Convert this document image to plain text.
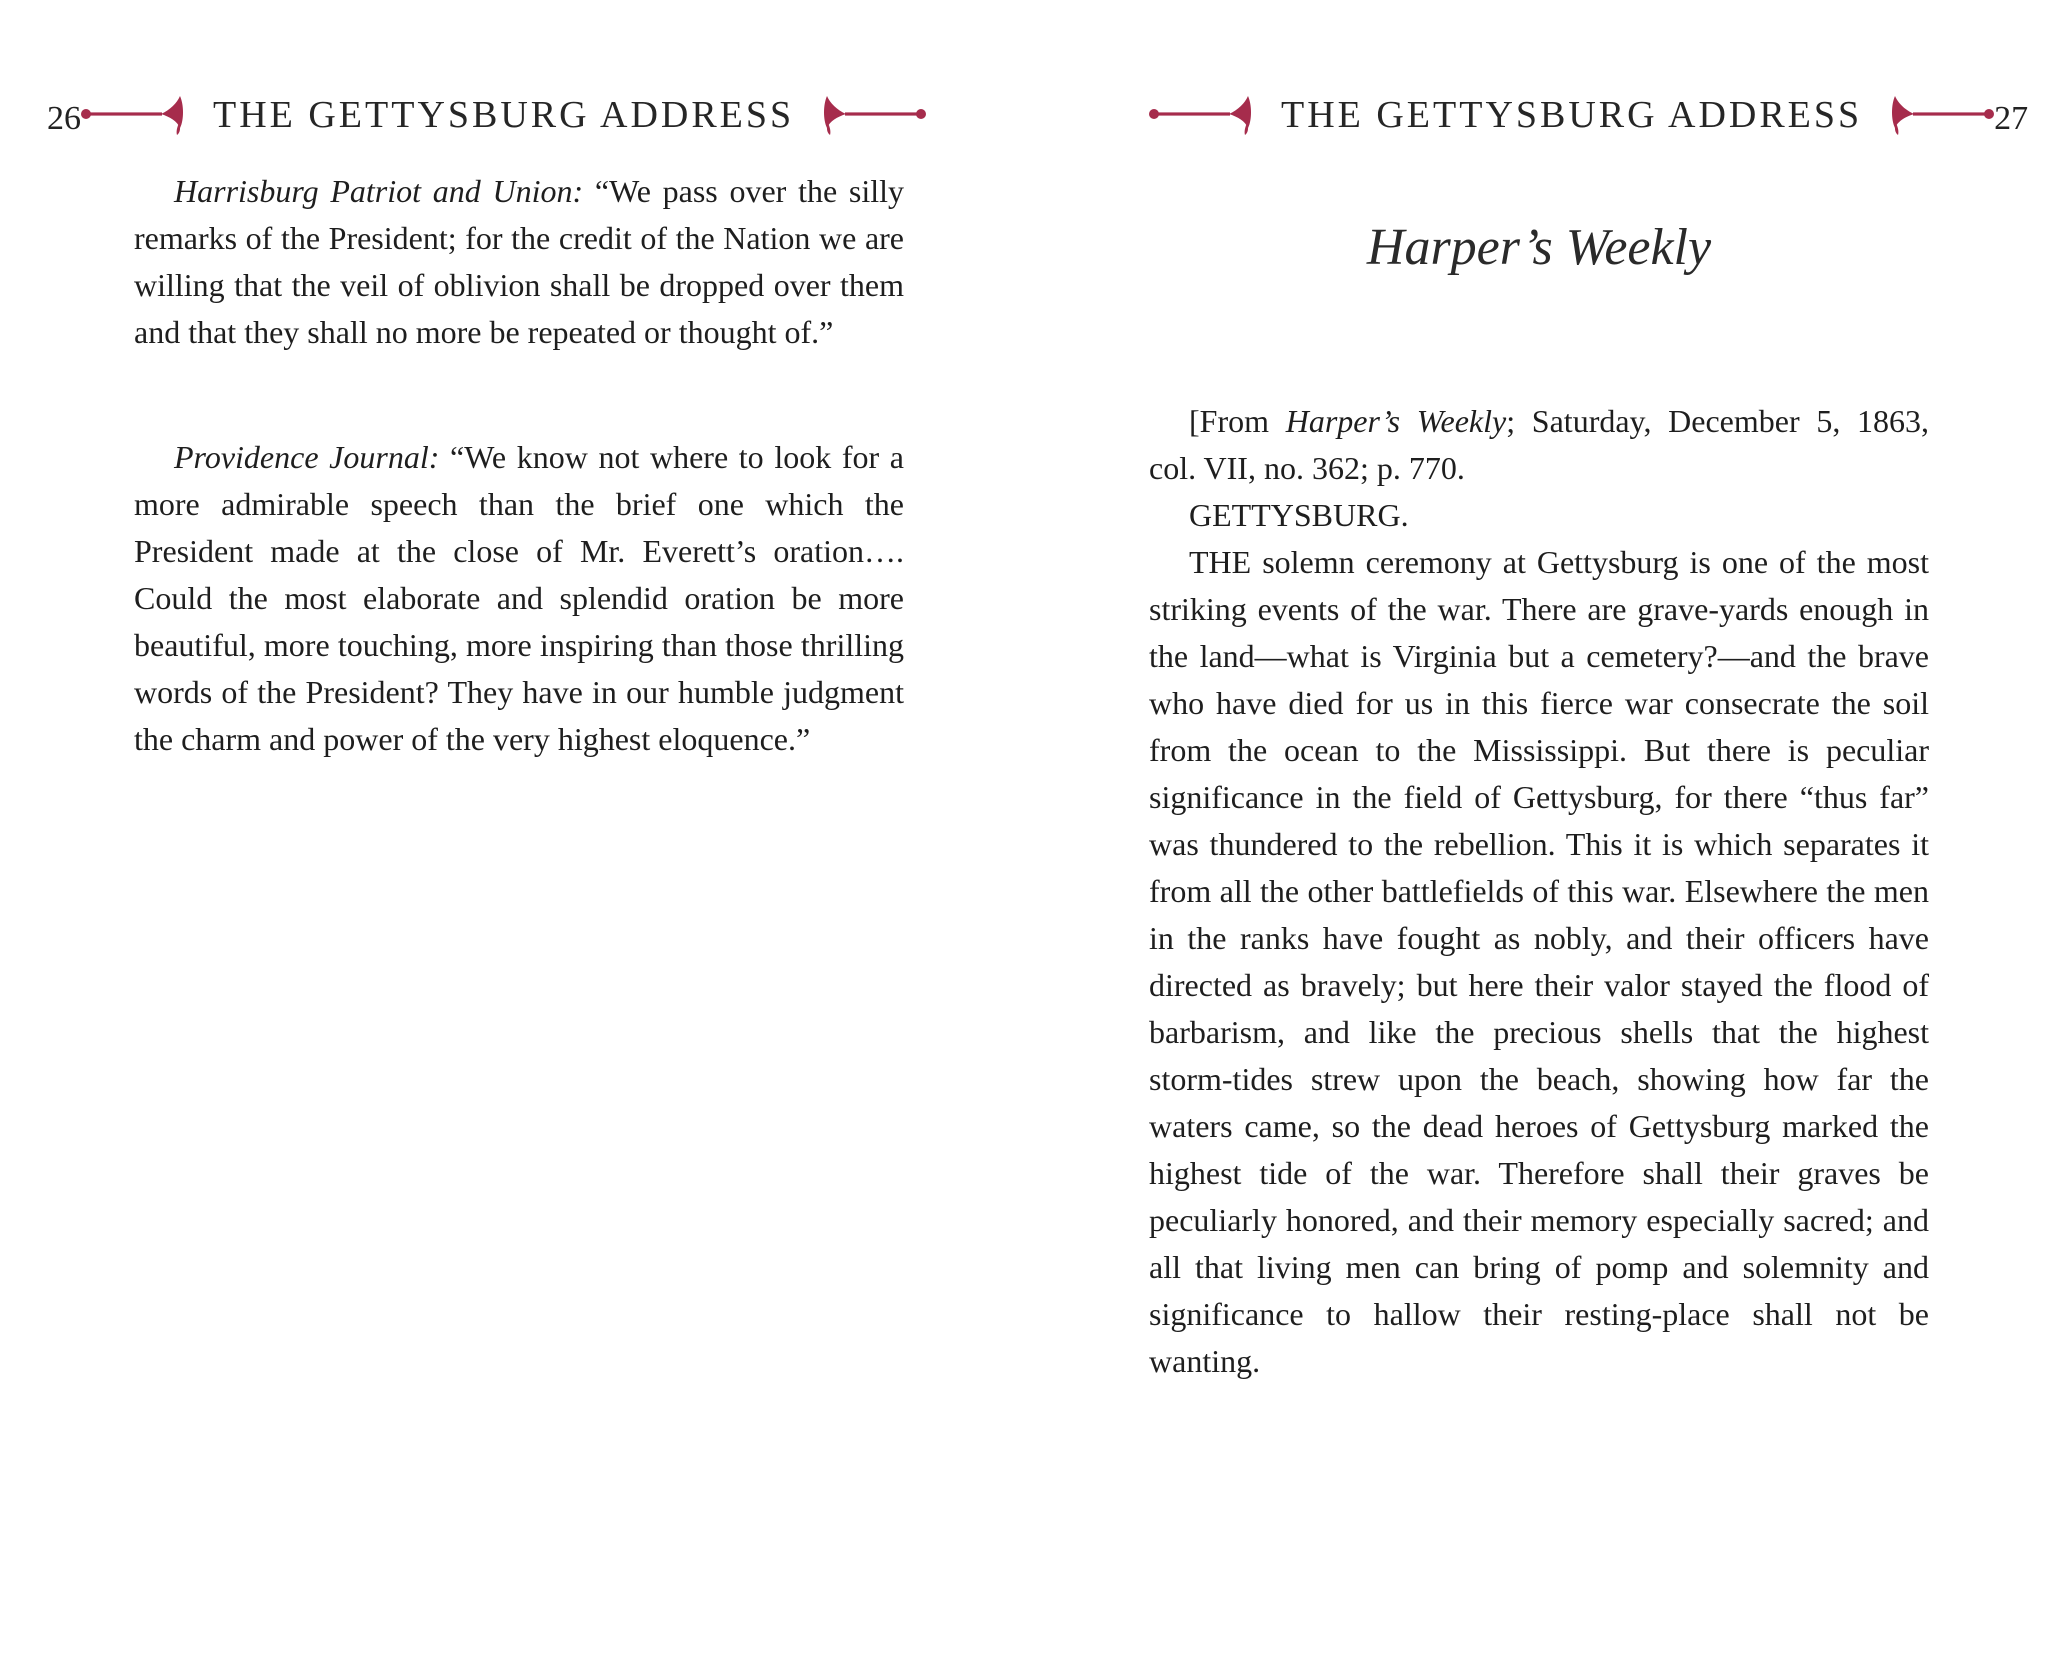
26	THE GETTYSBURG ADDRESS

Harrisburg Patriot and Union: “We pass over the silly remarks of the President; for the credit of the Nation we are willing that the veil of oblivion shall be dropped over them and that they shall no more be repeated or thought of.”

Providence Journal: “We know not where to look for a more admirable speech than the brief one which the President made at the close of Mr. Everett’s oration…. Could the most elaborate and splendid oration be more beautiful, more touching, more inspiring than those thrilling words of the President? They have in our humble judgment the charm and power of the very highest eloquence.”

THE GETTYSBURG ADDRESS	27
Harper’s Weekly

[From Harper’s Weekly; Saturday, December 5, 1863, col. VII, no. 362; p. 770.

GETTYSBURG.

THE solemn ceremony at Gettysburg is one of the most striking events of the war. There are grave-yards enough in the land—what is Virginia but a cemetery?—and the brave who have died for us in this fierce war consecrate the soil from the ocean to the Mississippi. But there is peculiar significance in the field of Gettysburg, for there “thus far” was thundered to the rebellion. This it is which separates it from all the other battlefields of this war. Elsewhere the men in the ranks have fought as nobly, and their officers have directed as bravely; but here their valor stayed the flood of barbarism, and like the precious shells that the highest storm-tides strew upon the beach, showing how far the waters came, so the dead heroes of Gettysburg marked the highest tide of the war. Therefore shall their graves be peculiarly honored, and their memory especially sacred; and all that living men can bring of pomp and solemnity and significance to hallow their resting-place shall not be wanting.
